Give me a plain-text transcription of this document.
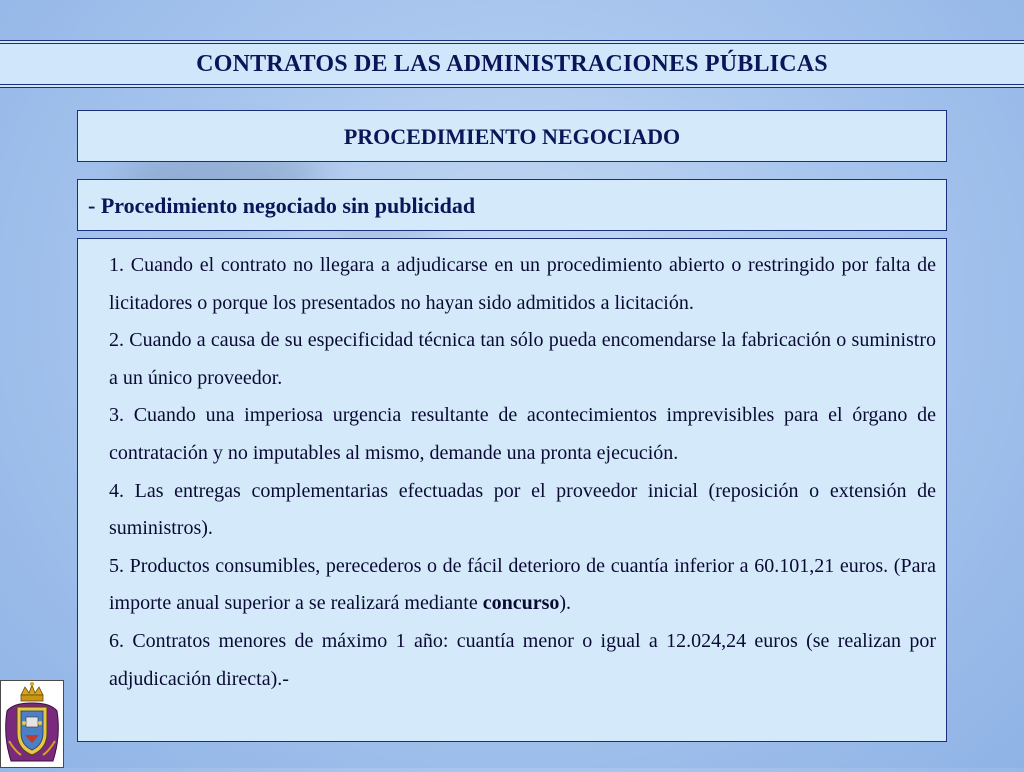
CONTRATOS DE LAS ADMINISTRACIONES PÚBLICAS
PROCEDIMIENTO NEGOCIADO
- Procedimiento negociado sin publicidad

1. Cuando el contrato no llegara a adjudicarse en un procedimiento abierto o restringido por falta de licitadores o porque los presentados no hayan sido admitidos a licitación.

2. Cuando a causa de su especificidad técnica tan sólo pueda encomendarse la fabricación o suministro a un único proveedor.

3. Cuando una imperiosa urgencia resultante de acontecimientos imprevisibles para el órgano de contratación y no imputables al mismo, demande una pronta ejecución.

4. Las entregas complementarias efectuadas por el proveedor inicial (reposición o extensión de suministros).

5. Productos consumibles, perecederos o de fácil deterioro de cuantía inferior a 60.101,21 euros. (Para importe anual superior a se realizará mediante concurso).

6. Contratos menores de máximo 1 año: cuantía menor o igual a 12.024,24 euros (se realizan por adjudicación directa).-
